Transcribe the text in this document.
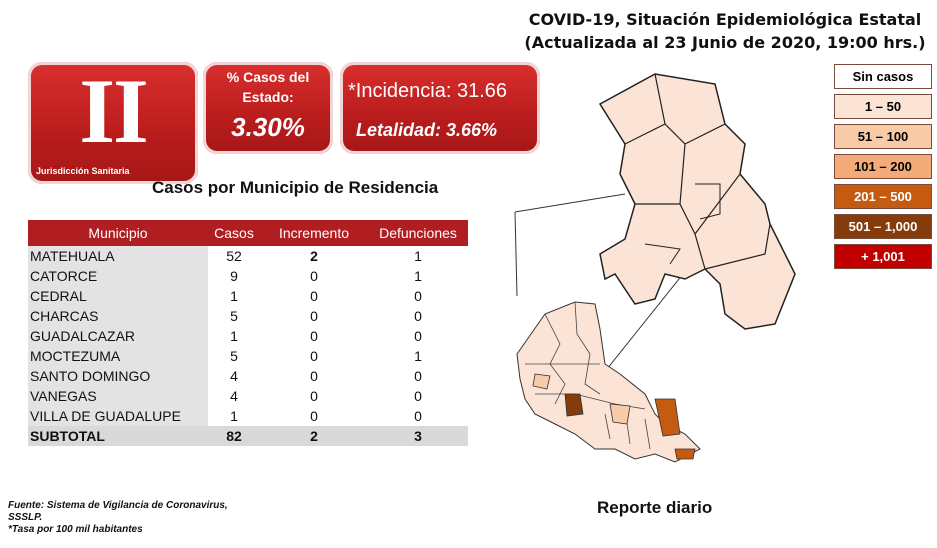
COVID-19, Situación Epidemiológica Estatal
(Actualizada al 23 Junio de 2020, 19:00 hrs.)
II
Jurisdicción Sanitaria
% Casos del Estado:
3.30%
*Incidencia: 31.66
Letalidad: 3.66%
Sin casos
1 – 50
51 – 100
101 – 200
201 – 500
501 – 1,000
+ 1,001
Casos por Municipio de Residencia
Municipio	Casos	Incremento	Defunciones
MATEHUALA	52	2	1
CATORCE	9	0	1
CEDRAL	1	0	0
CHARCAS	5	0	0
GUADALCAZAR	1	0	0
MOCTEZUMA	5	0	1
SANTO DOMINGO	4	0	0
VANEGAS	4	0	0
VILLA DE GUADALUPE	1	0	0
SUBTOTAL	82	2	3
Fuente: Sistema de Vigilancia de Coronavirus,
SSSLP.
*Tasa por 100 mil habitantes
Reporte diario
